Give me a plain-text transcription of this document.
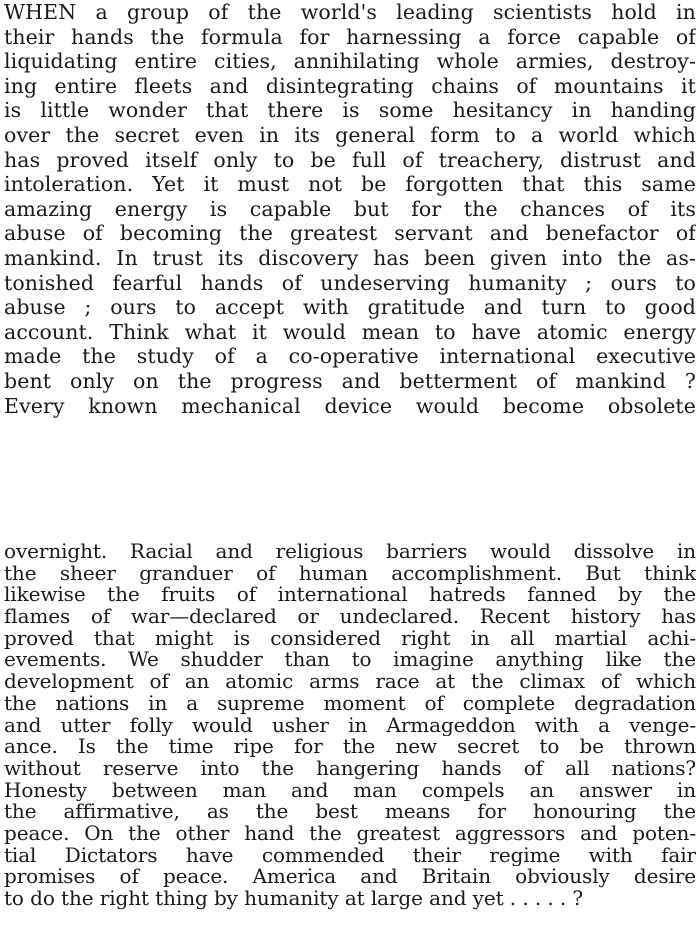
WHEN a group of the world's leading scientists hold in
their hands the formula for harnessing a force capable of
liquidating entire cities, annihilating whole armies, destroy-
ing entire fleets and disintegrating chains of mountains it
is little wonder that there is some hesitancy in handing
over the secret even in its general form to a world which
has proved itself only to be full of treachery, distrust and
intoleration. Yet it must not be forgotten that this same
amazing energy is capable but for the chances of its
abuse of becoming the greatest servant and benefactor of
mankind. In trust its discovery has been given into the as-
tonished fearful hands of undeserving humanity ; ours to
abuse ; ours to accept with gratitude and turn to good
account. Think what it would mean to have atomic energy
made the study of a co-operative international executive
bent only on the progress and betterment of mankind ?
Every known mechanical device would become obsolete
overnight. Racial and religious barriers would dissolve in
the sheer granduer of human accomplishment. But think
likewise the fruits of international hatreds fanned by the
flames of war—declared or undeclared. Recent history has
proved that might is considered right in all martial achi-
evements. We shudder than to imagine anything like the
development of an atomic arms race at the climax of which
the nations in a supreme moment of complete degradation
and utter folly would usher in Armageddon with a venge-
ance. Is the time ripe for the new secret to be thrown
without reserve into the hangering hands of all nations?
Honesty between man and man compels an answer in
the affirmative, as the best means for honouring the
peace. On the other hand the greatest aggressors and poten-
tial Dictators have commended their regime with fair
promises of peace. America and Britain obviously desire
to do the right thing by humanity at large and yet . . . . . ?
